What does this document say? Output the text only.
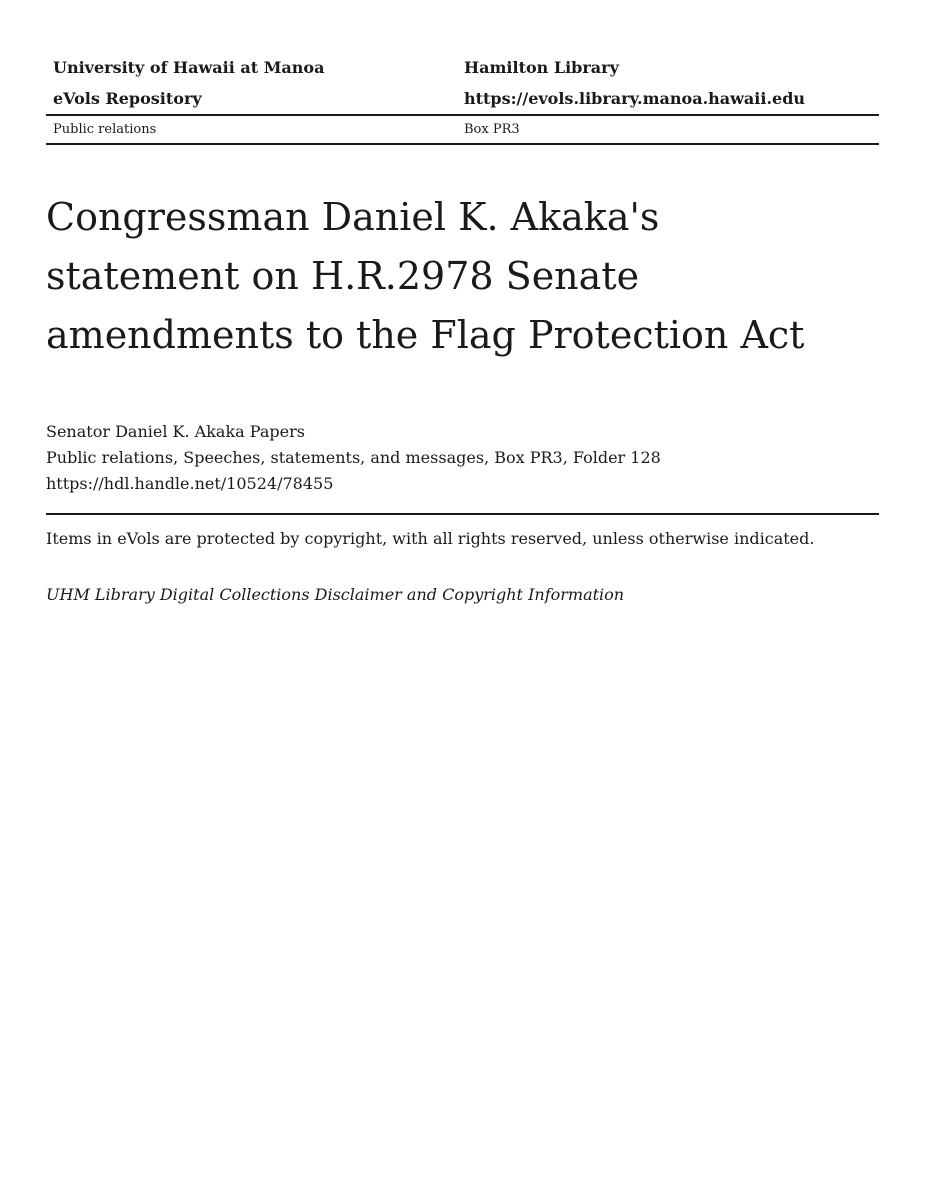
University of Hawaii at Manoa	Hamilton Library
eVols Repository	https://evols.library.manoa.hawaii.edu
Public relations	Box PR3
Congressman Daniel K. Akaka's
statement on H.R.2978 Senate
amendments to the Flag Protection Act
Senator Daniel K. Akaka Papers
Public relations, Speeches, statements, and messages, Box PR3, Folder 128
https://hdl.handle.net/10524/78455
Items in eVols are protected by copyright, with all rights reserved, unless otherwise indicated.
UHM Library Digital Collections Disclaimer and Copyright Information
